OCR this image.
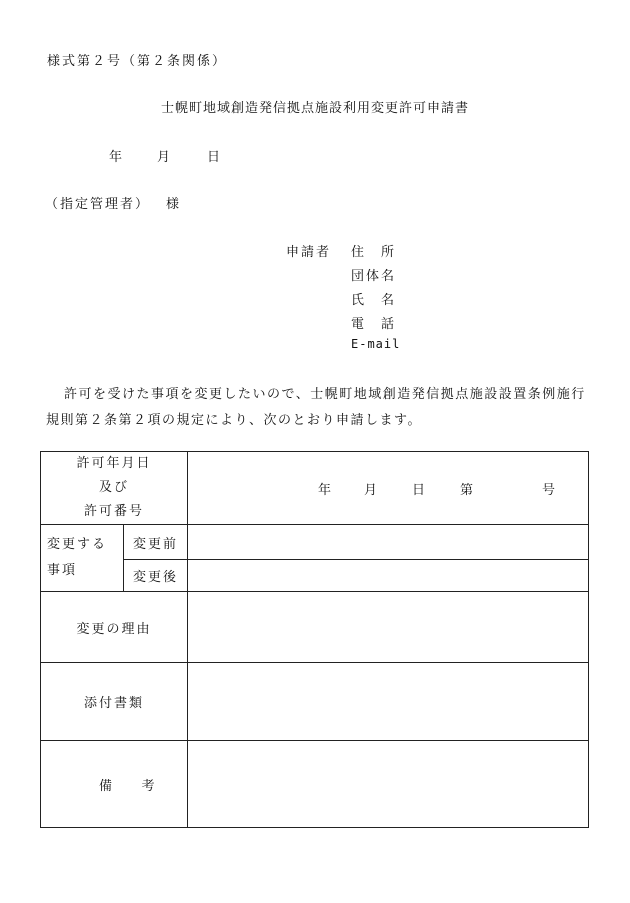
様式第２号（第２条関係）
士幌町地域創造発信拠点施設利用変更許可申請書
年	月	日
（指定管理者） 様
申請者 住　所
団体名
氏　名
電　話
E-mail
許可を受けた事項を変更したいので、士幌町地域創造発信拠点施設設置条例施行規則第２条第２項の規定により、次のとおり申請します。
許可年月日
及び
許可番号		年 月 日 第 号

変更する
事項	変更前	
	変更後	
変更の理由		
添付書類		
備 考		
